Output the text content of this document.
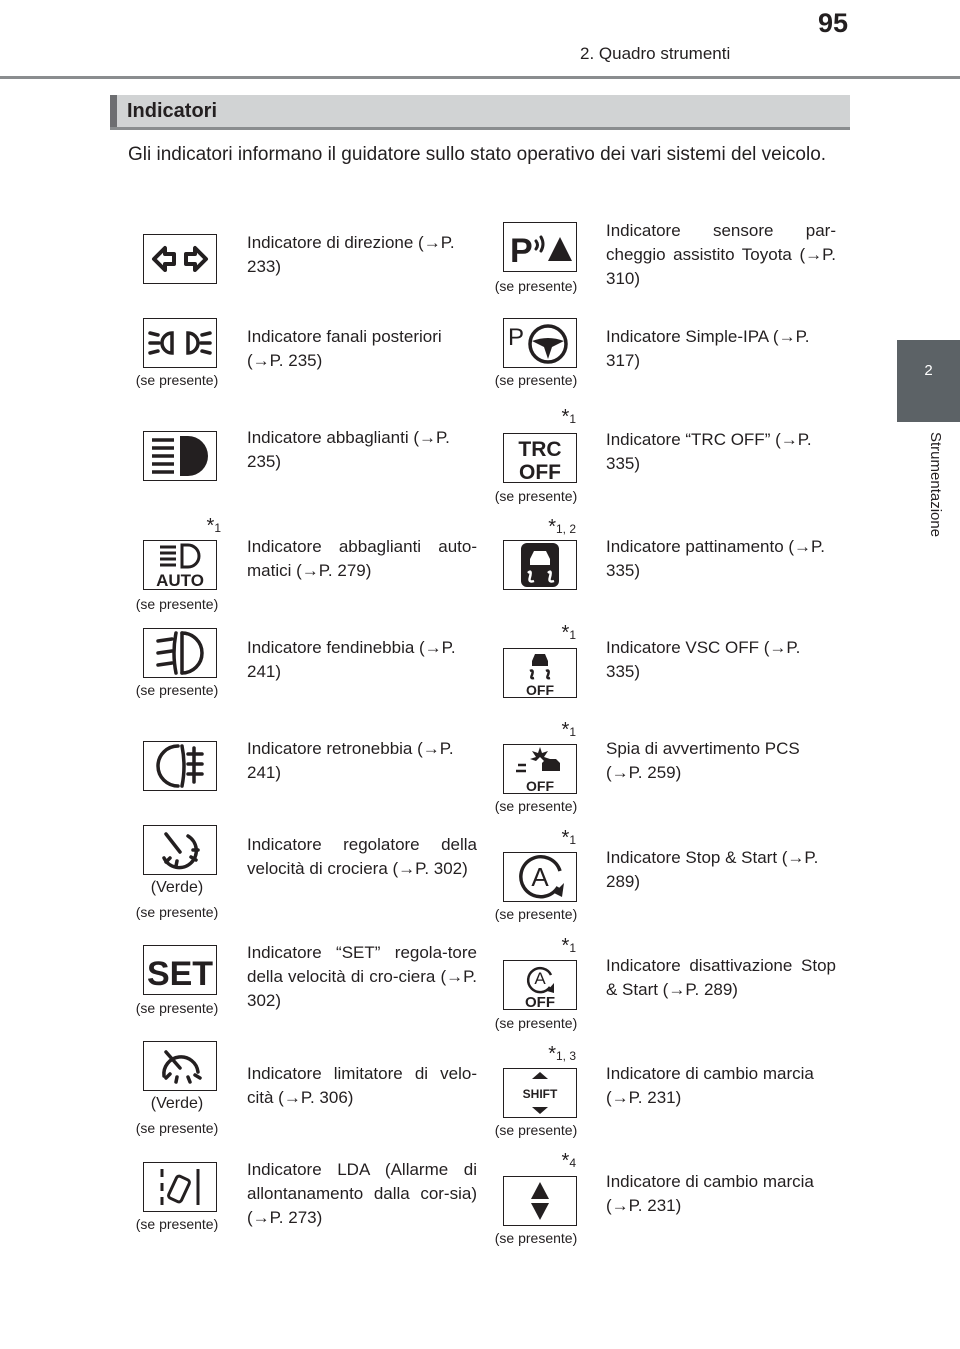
2. Quadro strumenti
95
2
Strumentazione
Indicatori
Gli indicatori informano il guidatore sullo stato operativo dei vari sistemi del veicolo.
Indicatore di direzione (→P. 233)
(se presente)
Indicatore fanali posteriori (→P. 235)
Indicatore abbaglianti (→P. 235)
*1
AUTO
(se presente)
Indicatore abbaglianti auto-matici (→P. 279)
(se presente)
Indicatore fendinebbia (→P. 241)
Indicatore retronebbia (→P. 241)
(Verde)
(se presente)
Indicatore regolatore della velocità di crociera (→P. 302)
SET
(se presente)
Indicatore “SET” regola-tore della velocità di cro-ciera (→P. 302)
(Verde)
(se presente)
Indicatore limitatore di velo-cità (→P. 306)
(se presente)
Indicatore LDA (Allarme di allontanamento dalla cor-sia) (→P. 273)
P
(se presente)
Indicatore sensore par-cheggio assistito Toyota (→P. 310)
P
(se presente)
Indicatore Simple-IPA (→P. 317)
*1
TRC
OFF
(se presente)
Indicatore “TRC OFF” (→P. 335)
*1, 2
Indicatore pattinamento (→P. 335)
*1
OFF
Indicatore VSC OFF (→P. 335)
*1
OFF
(se presente)
Spia di avvertimento PCS (→P. 259)
*1
A
(se presente)
Indicatore Stop & Start (→P. 289)
*1
A
OFF
(se presente)
Indicatore disattivazione Stop & Start (→P. 289)
*1, 3
SHIFT
(se presente)
Indicatore di cambio marcia (→P. 231)
*4
(se presente)
Indicatore di cambio marcia (→P. 231)
